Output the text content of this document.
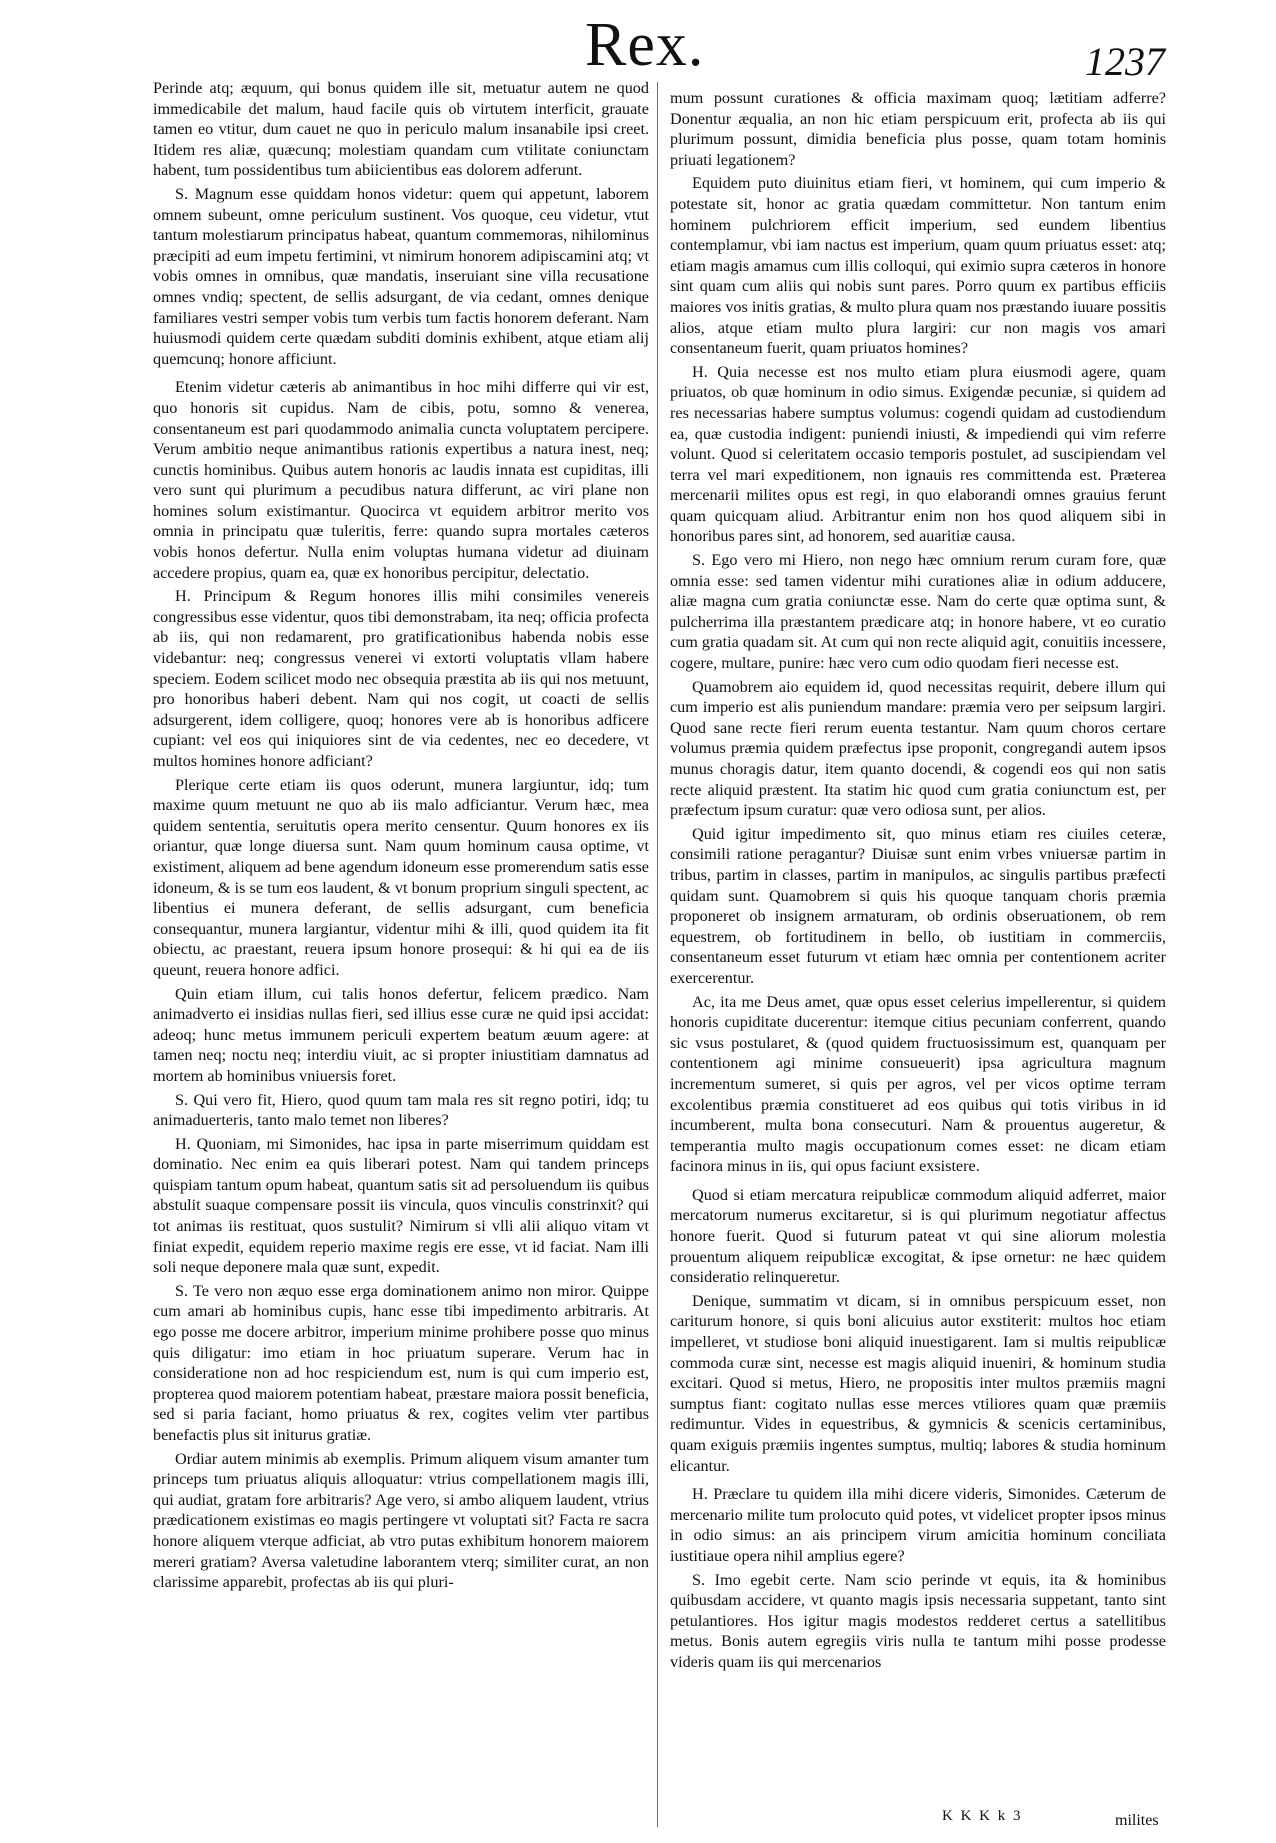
Rex.	1237

Perinde atq; æquum, qui bonus quidem ille sit, metuatur autem ne quod immedicabile det malum, haud facile quis ob virtutem interficit, grauate tamen eo vtitur, dum cauet ne quo in periculo malum insanabile ipsi creet. Itidem res aliæ, quæcunq; molestiam quandam cum vtilitate coniunctam habent, tum possidentibus tum abiicientibus eas dolorem adferunt.

S. Magnum esse quiddam honos videtur: quem qui appetunt, laborem omnem subeunt, omne periculum sustinent. Vos quoque, ceu videtur, vtut tantum molestiarum principatus habeat, quantum commemoras, nihilominus præcipiti ad eum impetu fertimini, vt nimirum honorem adipiscamini atq; vt vobis omnes in omnibus, quæ mandatis, inseruiant sine villa recusatione omnes vndiq; spectent, de sellis adsurgant, de via cedant, omnes denique familiares vestri semper vobis tum verbis tum factis honorem deferant. Nam huiusmodi quidem certe quædam subditi dominis exhibent, atque etiam alij quemcunq; honore afficiunt.

Etenim videtur cæteris ab animantibus in hoc mihi differre qui vir est, quo honoris sit cupidus. Nam de cibis, potu, somno & venerea, consentaneum est pari quodammodo animalia cuncta voluptatem percipere. Verum ambitio neque animantibus rationis expertibus a natura inest, neq; cunctis hominibus. Quibus autem honoris ac laudis innata est cupiditas, illi vero sunt qui plurimum a pecudibus natura differunt, ac viri plane non homines solum existimantur. Quocirca vt equidem arbitror merito vos omnia in principatu quæ tuleritis, ferre: quando supra mortales cæteros vobis honos defertur. Nulla enim voluptas humana videtur ad diuinam accedere propius, quam ea, quæ ex honoribus percipitur, delectatio.

H. Principum & Regum honores illis mihi consimiles venereis congressibus esse videntur, quos tibi demonstrabam, ita neq; officia profecta ab iis, qui non redamarent, pro gratificationibus habenda nobis esse videbantur: neq; congressus venerei vi extorti voluptatis vllam habere speciem. Eodem scilicet modo nec obsequia præstita ab iis qui nos metuunt, pro honoribus haberi debent. Nam qui nos cogit, ut coacti de sellis adsurgerent, idem colligere, quoq; honores vere ab is honoribus adficere cupiant: vel eos qui iniquiores sint de via cedentes, nec eo decedere, vt multos homines honore adficiant?

Plerique certe etiam iis quos oderunt, munera largiuntur, idq; tum maxime quum metuunt ne quo ab iis malo adficiantur. Verum hæc, mea quidem sententia, seruitutis opera merito censentur. Quum honores ex iis oriantur, quæ longe diuersa sunt. Nam quum hominum causa optime, vt existiment, aliquem ad bene agendum idoneum esse promerendum satis esse idoneum, & is se tum eos laudent, & vt bonum proprium singuli spectent, ac libentius ei munera deferant, de sellis adsurgant, cum beneficia consequantur, munera largiantur, videntur mihi & illi, quod quidem ita fit obiectu, ac praestant, reuera ipsum honore prosequi: & hi qui ea de iis queunt, reuera honore adfici.

Quin etiam illum, cui talis honos defertur, felicem prædico. Nam animadverto ei insidias nullas fieri, sed illius esse curæ ne quid ipsi accidat: adeoq; hunc metus immunem periculi expertem beatum æuum agere: at tamen neq; noctu neq; interdiu viuit, ac si propter iniustitiam damnatus ad mortem ab hominibus vniuersis foret.

S. Qui vero fit, Hiero, quod quum tam mala res sit regno potiri, idq; tu animaduerteris, tanto malo temet non liberes?

H. Quoniam, mi Simonides, hac ipsa in parte miserrimum quiddam est dominatio. Nec enim ea quis liberari potest. Nam qui tandem princeps quispiam tantum opum habeat, quantum satis sit ad persoluendum iis quibus abstulit suaque compensare possit iis vincula, quos vinculis constrinxit? qui tot animas iis restituat, quos sustulit? Nimirum si vlli alii aliquo vitam vt finiat expedit, equidem reperio maxime regis ere esse, vt id faciat. Nam illi soli neque deponere mala quæ sunt, expedit.

S. Te vero non æquo esse erga dominationem animo non miror. Quippe cum amari ab hominibus cupis, hanc esse tibi impedimento arbitraris. At ego posse me docere arbitror, imperium minime prohibere posse quo minus quis diligatur: imo etiam in hoc priuatum superare. Verum hac in consideratione non ad hoc respiciendum est, num is qui cum imperio est, propterea quod maiorem potentiam habeat, præstare maiora possit beneficia, sed si paria faciant, homo priuatus & rex, cogites velim vter partibus benefactis plus sit initurus gratiæ.

Ordiar autem minimis ab exemplis. Primum aliquem visum amanter tum princeps tum priuatus aliquis alloquatur: vtrius compellationem magis illi, qui audiat, gratam fore arbitraris? Age vero, si ambo aliquem laudent, vtrius prædicationem existimas eo magis pertingere vt voluptati sit? Facta re sacra honore aliquem vterque adficiat, ab vtro putas exhibitum honorem maiorem mereri gratiam? Aversa valetudine laborantem vterq; similiter curat, an non clarissime apparebit, profectas ab iis qui pluri-

mum possunt curationes & officia maximam quoq; lætitiam adferre? Donentur æqualia, an non hic etiam perspicuum erit, profecta ab iis qui plurimum possunt, dimidia beneficia plus posse, quam totam hominis priuati legationem?

Equidem puto diuinitus etiam fieri, vt hominem, qui cum imperio & potestate sit, honor ac gratia quædam committetur. Non tantum enim hominem pulchriorem efficit imperium, sed eundem libentius contemplamur, vbi iam nactus est imperium, quam quum priuatus esset: atq; etiam magis amamus cum illis colloqui, qui eximio supra cæteros in honore sint quam cum aliis qui nobis sunt pares. Porro quum ex partibus efficiis maiores vos initis gratias, & multo plura quam nos præstando iuuare possitis alios, atque etiam multo plura largiri: cur non magis vos amari consentaneum fuerit, quam priuatos homines?

H. Quia necesse est nos multo etiam plura eiusmodi agere, quam priuatos, ob quæ hominum in odio simus. Exigendæ pecuniæ, si quidem ad res necessarias habere sumptus volumus: cogendi quidam ad custodiendum ea, quæ custodia indigent: puniendi iniusti, & impediendi qui vim referre volunt. Quod si celeritatem occasio temporis postulet, ad suscipiendam vel terra vel mari expeditionem, non ignauis res committenda est. Præterea mercenarii milites opus est regi, in quo elaborandi omnes grauius ferunt quam quicquam aliud. Arbitrantur enim non hos quod aliquem sibi in honoribus pares sint, ad honorem, sed auaritiæ causa.

S. Ego vero mi Hiero, non nego hæc omnium rerum curam fore, quæ omnia esse: sed tamen videntur mihi curationes aliæ in odium adducere, aliæ magna cum gratia coniunctæ esse. Nam do certe quæ optima sunt, & pulcherrima illa præstantem prædicare atq; in honore habere, vt eo curatio cum gratia quadam sit. At cum qui non recte aliquid agit, conuitiis incessere, cogere, multare, punire: hæc vero cum odio quodam fieri necesse est.

Quamobrem aio equidem id, quod necessitas requirit, debere illum qui cum imperio est alis puniendum mandare: præmia vero per seipsum largiri. Quod sane recte fieri rerum euenta testantur. Nam quum choros certare volumus præmia quidem præfectus ipse proponit, congregandi autem ipsos munus choragis datur, item quanto docendi, & cogendi eos qui non satis recte aliquid præstent. Ita statim hic quod cum gratia coniunctum est, per præfectum ipsum curatur: quæ vero odiosa sunt, per alios.

Quid igitur impedimento sit, quo minus etiam res ciuiles ceteræ, consimili ratione peragantur? Diuisæ sunt enim vrbes vniuersæ partim in tribus, partim in classes, partim in manipulos, ac singulis partibus præfecti quidam sunt. Quamobrem si quis his quoque tanquam choris præmia proponeret ob insignem armaturam, ob ordinis obseruationem, ob rem equestrem, ob fortitudinem in bello, ob iustitiam in commerciis, consentaneum esset futurum vt etiam hæc omnia per contentionem acriter exercerentur.

Ac, ita me Deus amet, quæ opus esset celerius impellerentur, si quidem honoris cupiditate ducerentur: itemque citius pecuniam conferrent, quando sic vsus postularet, & (quod quidem fructuosissimum est, quanquam per contentionem agi minime consueuerit) ipsa agricultura magnum incrementum sumeret, si quis per agros, vel per vicos optime terram excolentibus præmia constitueret ad eos quibus qui totis viribus in id incumberent, multa bona consecuturi. Nam & prouentus augeretur, & temperantia multo magis occupationum comes esset: ne dicam etiam facinora minus in iis, qui opus faciunt exsistere.

Quod si etiam mercatura reipublicæ commodum aliquid adferret, maior mercatorum numerus excitaretur, si is qui plurimum negotiatur affectus honore fuerit. Quod si futurum pateat vt qui sine aliorum molestia prouentum aliquem reipublicæ excogitat, & ipse ornetur: ne hæc quidem consideratio relinqueretur.

Denique, summatim vt dicam, si in omnibus perspicuum esset, non cariturum honore, si quis boni alicuius autor exstiterit: multos hoc etiam impelleret, vt studiose boni aliquid inuestigarent. Iam si multis reipublicæ commoda curæ sint, necesse est magis aliquid inueniri, & hominum studia excitari. Quod si metus, Hiero, ne propositis inter multos præmiis magni sumptus fiant: cogitato nullas esse merces vtiliores quam quæ præmiis redimuntur. Vides in equestribus, & gymnicis & scenicis certaminibus, quam exiguis præmiis ingentes sumptus, multiq; labores & studia hominum elicantur.

H. Præclare tu quidem illa mihi dicere videris, Simonides. Cæterum de mercenario milite tum prolocuto quid potes, vt videlicet propter ipsos minus in odio simus: an ais principem virum amicitia hominum conciliata iustitiaue opera nihil amplius egere?

S. Imo egebit certe. Nam scio perinde vt equis, ita & hominibus quibusdam accidere, vt quanto magis ipsis necessaria suppetant, tanto sint petulantiores. Hos igitur magis modestos redderet certus a satellitibus metus. Bonis autem egregiis viris nulla te tantum mihi posse prodesse videris quam iis qui mercenarios

K K K k 3	milites
